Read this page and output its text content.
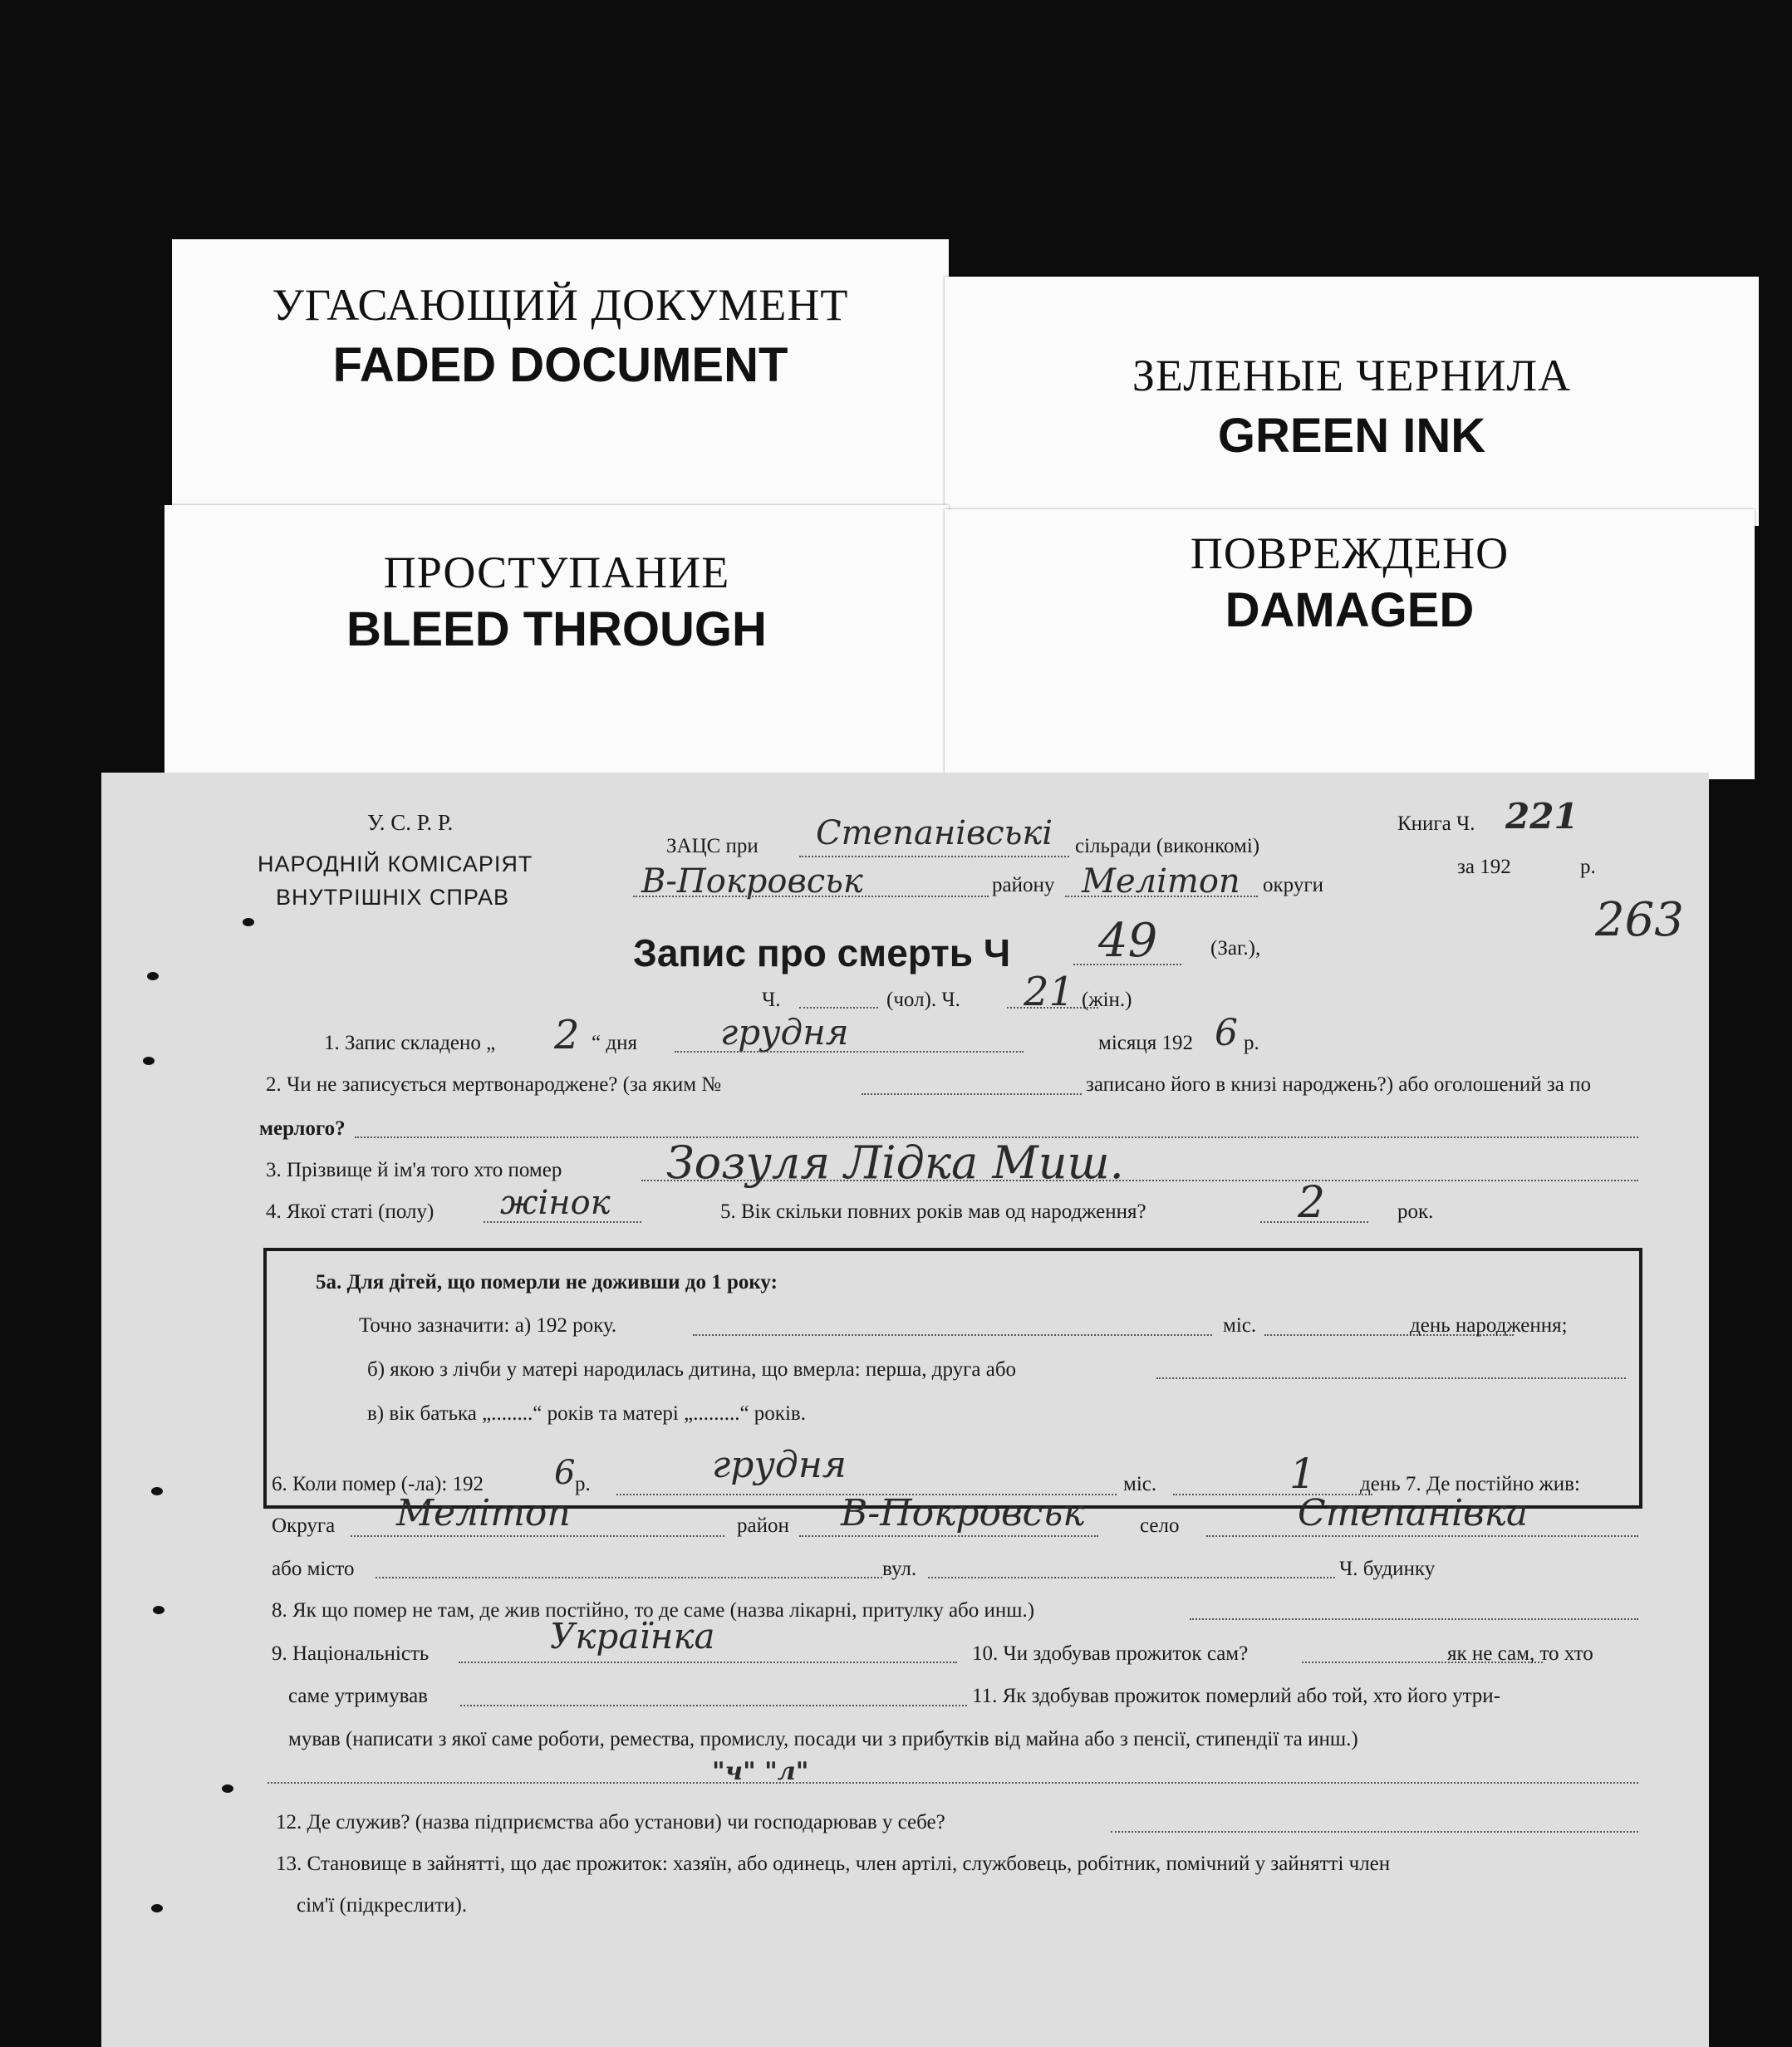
УГАСАЮЩИЙ ДОКУМЕНТ
FADED DOCUMENT	ЗЕЛЕНЫЕ ЧЕРНИЛА
GREEN INK
ПРОСТУПАНИЕ
BLEED THROUGH
ПОВРЕЖДЕНО
DAMAGED
У. С. Р. Р.
НАРОДНІЙ КОМІСАРІЯТ
ВНУТРІШНІХ СПРАВ
ЗАЦС при Степанівські сільради (виконкомі)
В-Покровськ	району Мелітоп округи
Книга Ч. 221
за 192	р.
263
Запис про смерть Ч 49	(Заг.),
Ч.	(чол). Ч. 21 (жін.)
1. Запис складено „ 2 “ дня грудня	місяця 192 6 р.
2. Чи не записується мертвонароджене? (за яким №	записано його в книзі народжень?) або оголошений за по
мерлого?
3. Прізвище й ім'я того хто помер Зозуля Лідка Миш.
4. Якої статі (полу) жінок	5. Вік скільки повних років мав од народження?	2	рок.
5а. Для дітей, що померли не доживши до 1 року:
Точно зазначити: а) 192 року.	міс.	день народження;
б) якою з лічби у матері народилась дитина, що вмерла: перша, друга або
в) вік батька „........“ років та матері „.........“ років.
6. Коли помер (-ла): 192 6 р.	грудня	міс.	1 день 7. Де постійно жив:
Округа Мелітоп	район В-Покровськ	село	Степанівка
або місто	вул.	Ч. будинку
8. Як що помер не там, де жив постійно, то де саме (назва лікарні, притулку або инш.)
9. Національність	Українка	10. Чи здобував прожиток сам?	як не сам, то хто
саме утримував	11. Як здобував прожиток померлий або той, хто його утри-
мував (написати з якої саме роботи, ремества, промислу, посади чи з прибутків від майна або з пенсії, стипендії та инш.)
"ч" "л"
12. Де служив? (назва підприємства або установи) чи господарював у себе?
13. Становище в зайнятті, що дає прожиток: хазяїн, або одинець, член артілі, службовець, робітник, помічний у зайнятті член
сім'ї (підкреслити).
